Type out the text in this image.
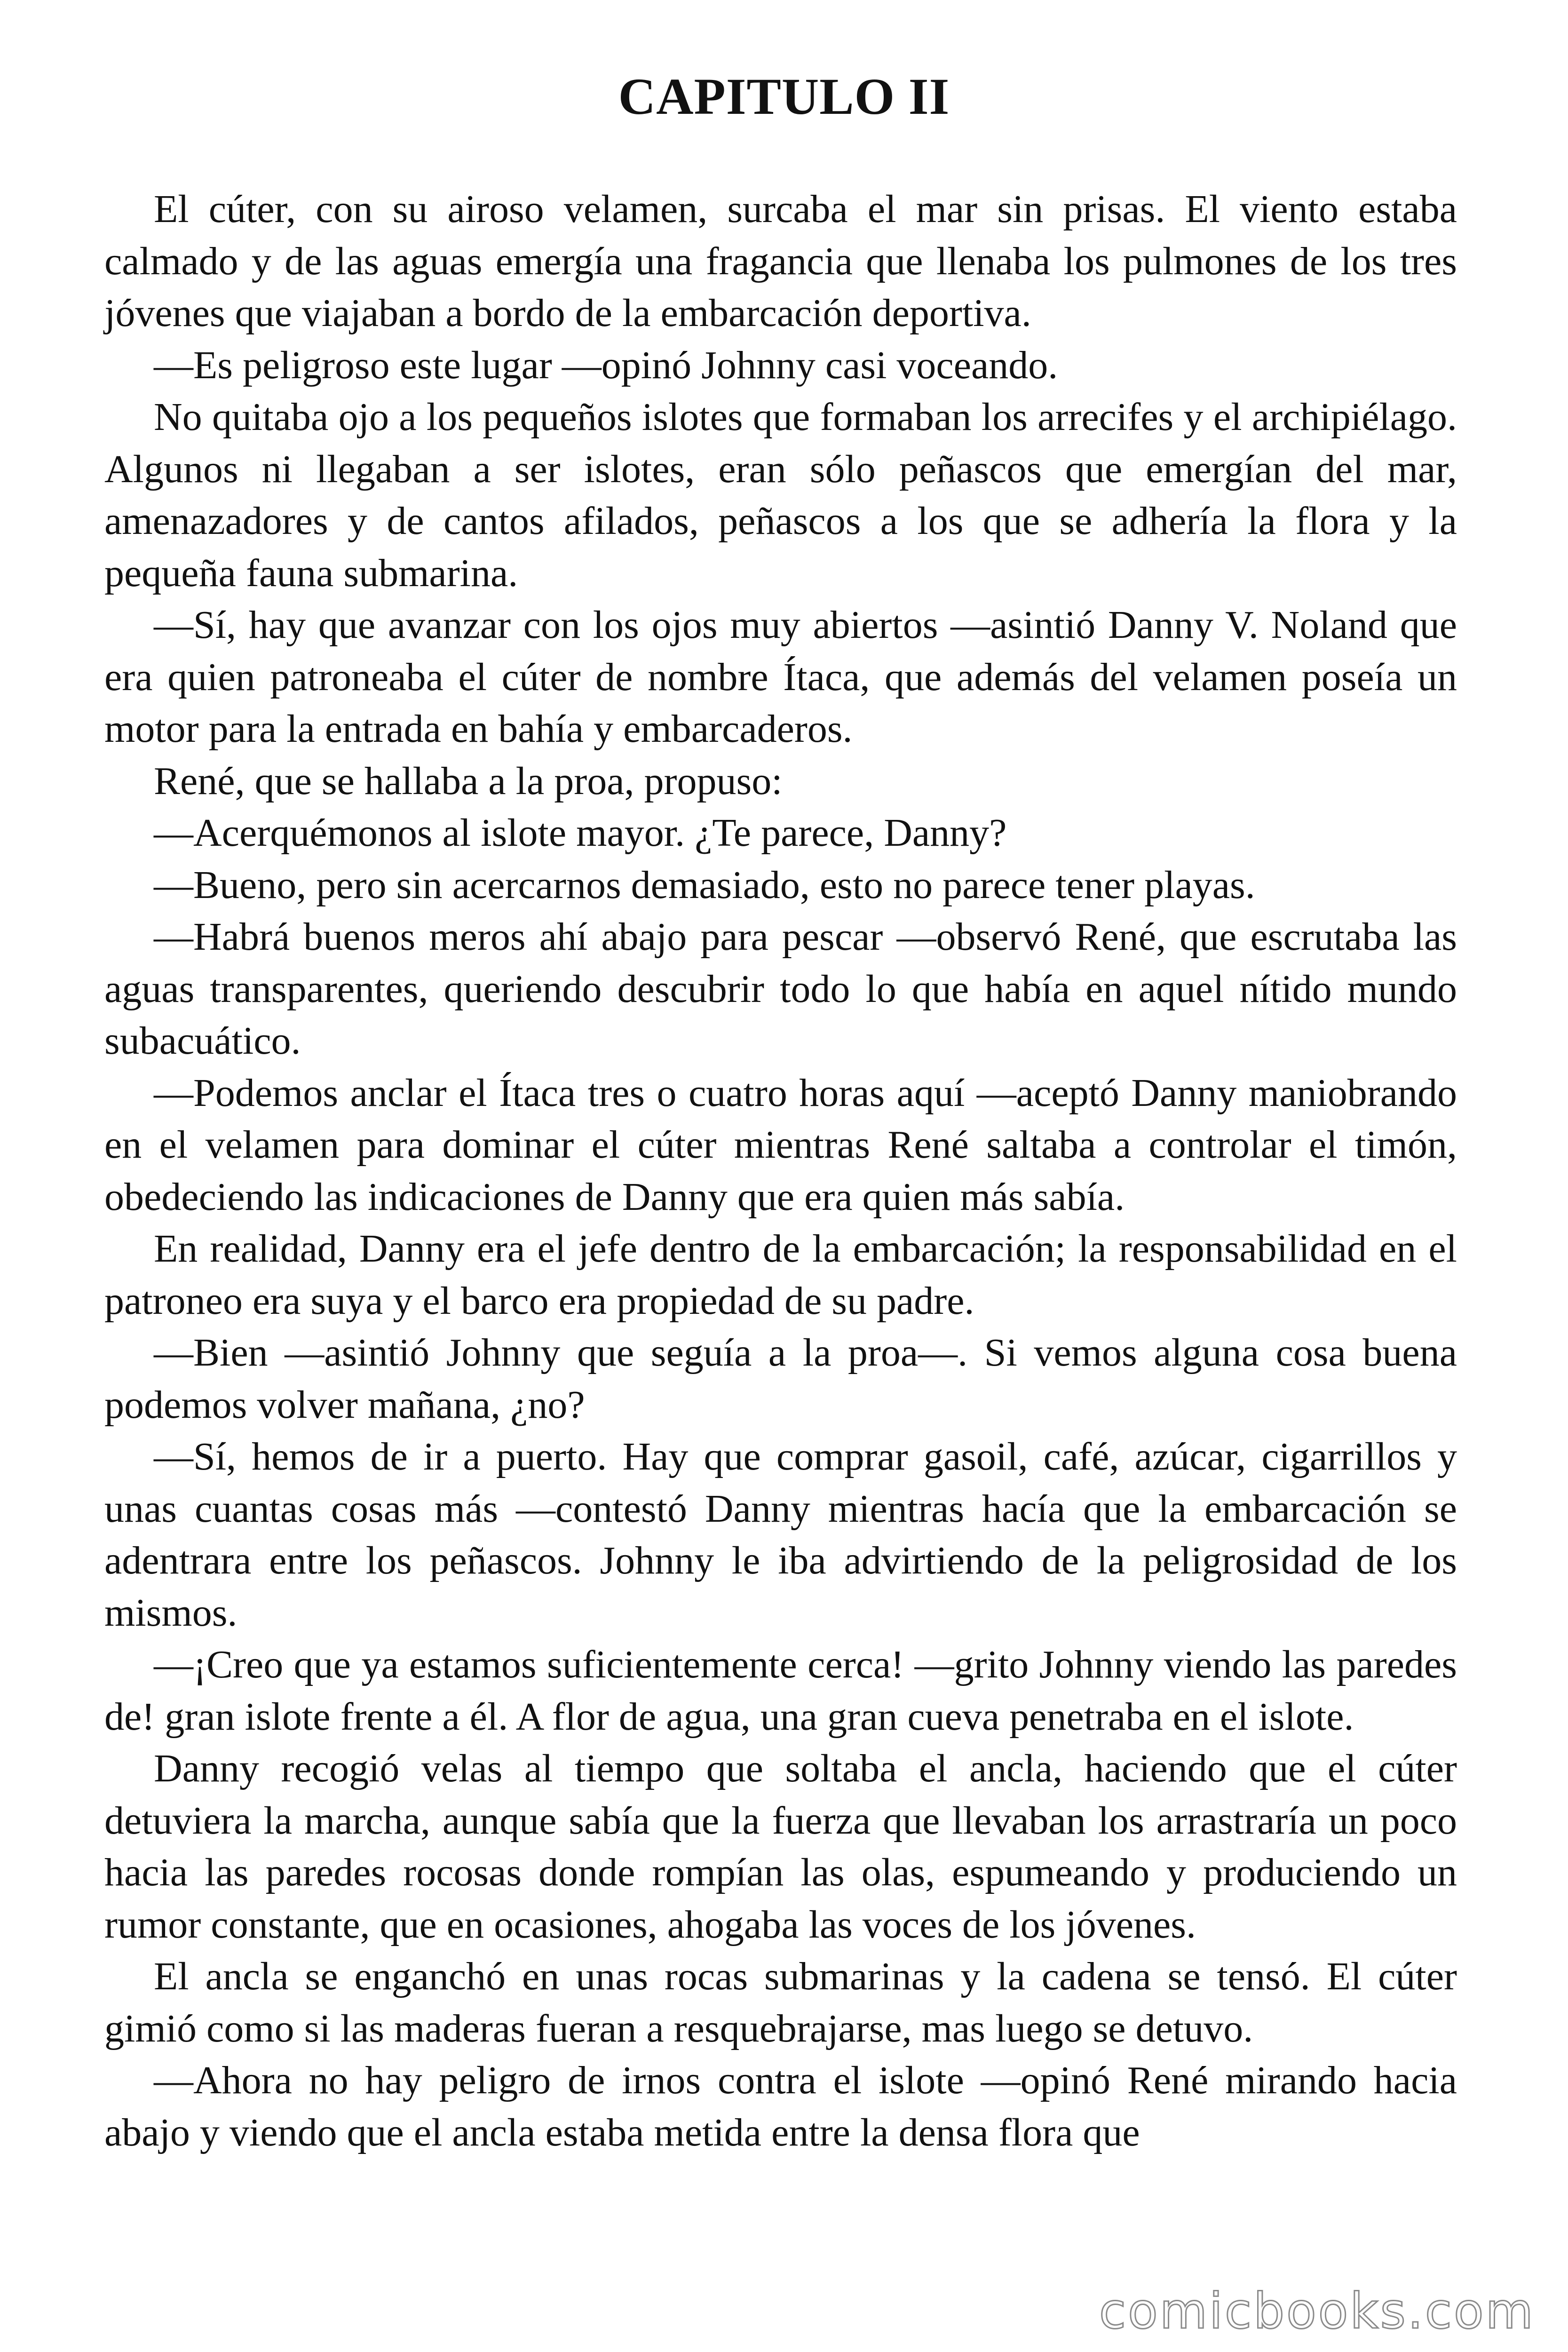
CAPITULO II

El cúter, con su airoso velamen, surcaba el mar sin prisas. El viento estaba calmado y de las aguas emergía una fragancia que llenaba los pulmones de los tres jóvenes que viajaban a bordo de la embarcación deportiva.

—Es peligroso este lugar —opinó Johnny casi voceando.

No quitaba ojo a los pequeños islotes que formaban los arrecifes y el archipiélago. Algunos ni llegaban a ser islotes, eran sólo peñascos que emergían del mar, amenazadores y de cantos afilados, peñascos a los que se adhería la flora y la pequeña fauna submarina.

—Sí, hay que avanzar con los ojos muy abiertos —asintió Danny V. Noland que era quien patroneaba el cúter de nombre Ítaca, que además del velamen poseía un motor para la entrada en bahía y embarcaderos.

René, que se hallaba a la proa, propuso:

—Acerquémonos al islote mayor. ¿Te parece, Danny?

—Bueno, pero sin acercarnos demasiado, esto no parece tener playas.

—Habrá buenos meros ahí abajo para pescar —observó René, que escrutaba las aguas transparentes, queriendo descubrir todo lo que había en aquel nítido mundo subacuático.

—Podemos anclar el Ítaca tres o cuatro horas aquí —aceptó Danny maniobrando en el velamen para dominar el cúter mientras René saltaba a controlar el timón, obedeciendo las indicaciones de Danny que era quien más sabía.

En realidad, Danny era el jefe dentro de la embarcación; la responsabilidad en el patroneo era suya y el barco era propiedad de su padre.

—Bien —asintió Johnny que seguía a la proa—. Si vemos alguna cosa buena podemos volver mañana, ¿no?

—Sí, hemos de ir a puerto. Hay que comprar gasoil, café, azúcar, cigarrillos y unas cuantas cosas más —contestó Danny mientras hacía que la embarcación se adentrara entre los peñascos. Johnny le iba advirtiendo de la peligrosidad de los mismos.

—¡Creo que ya estamos suficientemente cerca! —grito Johnny viendo las paredes de! gran islote frente a él. A flor de agua, una gran cueva penetraba en el islote.

Danny recogió velas al tiempo que soltaba el ancla, haciendo que el cúter detuviera la marcha, aunque sabía que la fuerza que llevaban los arrastraría un poco hacia las paredes rocosas donde rompían las olas, espumeando y produciendo un rumor constante, que en ocasiones, ahogaba las voces de los jóvenes.

El ancla se enganchó en unas rocas submarinas y la cadena se tensó. El cúter gimió como si las maderas fueran a resquebrajarse, mas luego se detuvo.

—Ahora no hay peligro de irnos contra el islote —opinó René mirando hacia abajo y viendo que el ancla estaba metida entre la densa flora que

comicbooks.com
